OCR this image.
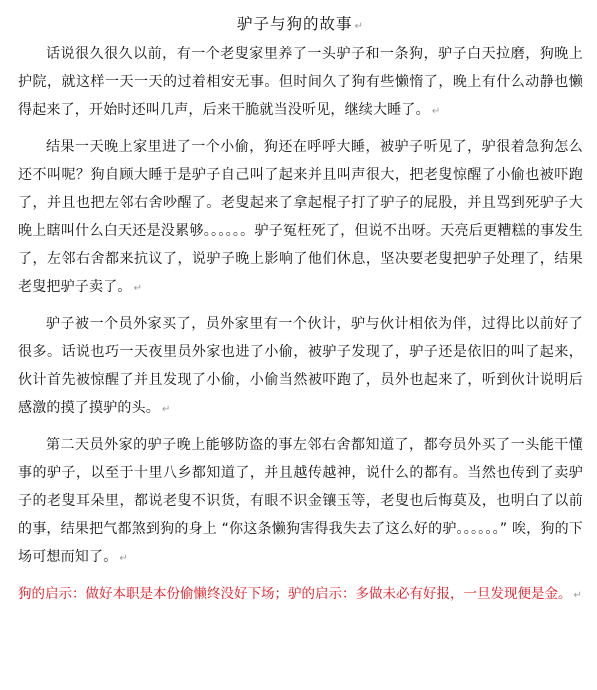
驴子与狗的故事 ↵

话说很久很久以前，有一个老叟家里养了一头驴子和一条狗，驴子白天拉磨，狗晚上护院，就这样一天一天的过着相安无事。但时间久了狗有些懒惰了，晚上有什么动静也懒得起来了，开始时还叫几声，后来干脆就当没听见，继续大睡了。 ↵

结果一天晚上家里进了一个小偷，狗还在呼呼大睡，被驴子听见了，驴很着急狗怎么还不叫呢？狗自顾大睡于是驴子自己叫了起来并且叫声很大，把老叟惊醒了小偷也被吓跑了，并且也把左邻右舍吵醒了。老叟起来了拿起棍子打了驴子的屁股，并且骂到死驴子大晚上瞎叫什么白天还是没累够。。。。。。驴子冤枉死了，但说不出呀。天亮后更糟糕的事发生了，左邻右舍都来抗议了，说驴子晚上影响了他们休息，坚决要老叟把驴子处理了，结果老叟把驴子卖了。 ↵

驴子被一个员外家买了，员外家里有一个伙计，驴与伙计相依为伴，过得比以前好了很多。话说也巧一天夜里员外家也进了小偷，被驴子发现了，驴子还是依旧的叫了起来，伙计首先被惊醒了并且发现了小偷，小偷当然被吓跑了，员外也起来了，听到伙计说明后感激的摸了摸驴的头。 ↵

第二天员外家的驴子晚上能够防盗的事左邻右舍都知道了，都夸员外买了一头能干懂事的驴子，以至于十里八乡都知道了，并且越传越神，说什么的都有。当然也传到了卖驴子的老叟耳朵里，都说老叟不识货，有眼不识金镶玉等，老叟也后悔莫及，也明白了以前的事，结果把气都煞到狗的身上 “你这条懒狗害得我失去了这么好的驴。。。。。。” 唉，狗的下场可想而知了。 ↵

狗的启示：做好本职是本份偷懒终没好下场；驴的启示：多做未必有好报，一旦发现便是金。 ↵
